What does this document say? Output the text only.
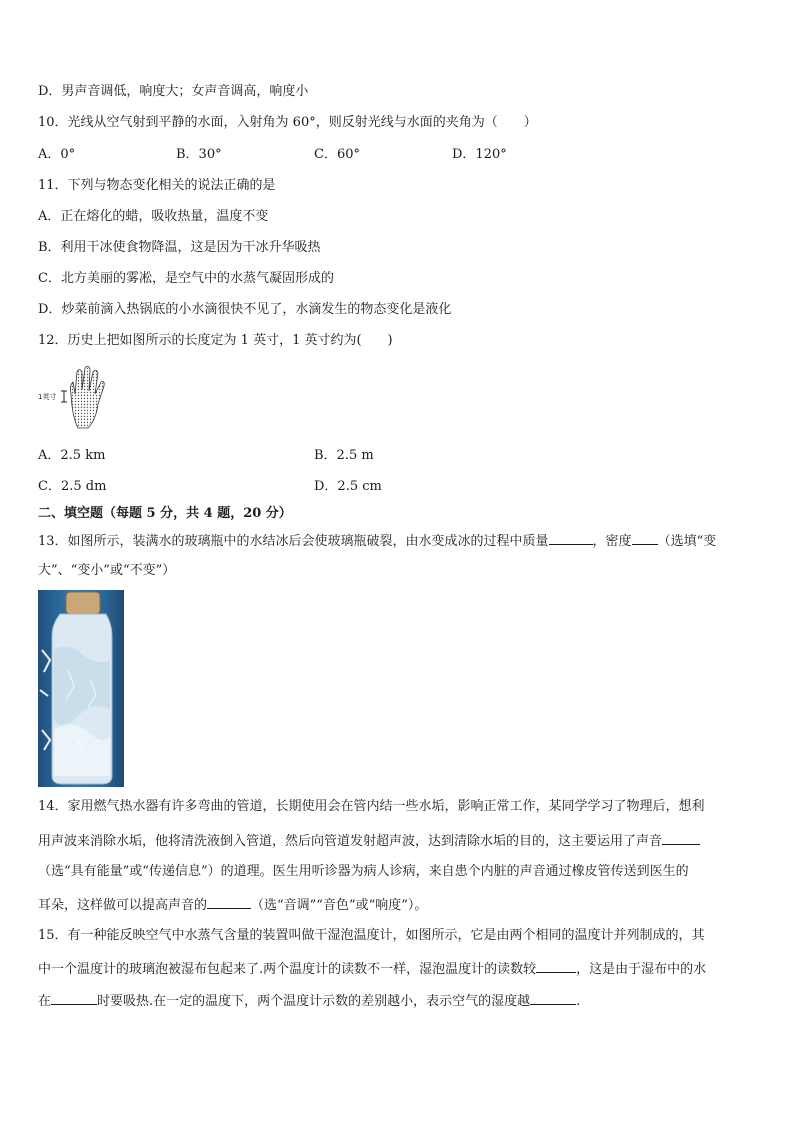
D．男声音调低，响度大；女声音调高，响度小
10．光线从空气射到平静的水面，入射角为 60°，则反射光线与水面的夹角为（　　）
A．0°	B．30°	C．60°	D．120°
11．下列与物态变化相关的说法正确的是
A．正在熔化的蜡，吸收热量，温度不变
B．利用干冰使食物降温，这是因为干冰升华吸热
C．北方美丽的雾凇，是空气中的水蒸气凝固形成的
D．炒菜前滴入热锅底的小水滴很快不见了，水滴发生的物态变化是液化
12．历史上把如图所示的长度定为 1 英寸，1 英寸约为(　　)
1英寸
A．2.5 km	B．2.5 m
C．2.5 dm	D．2.5 cm
二、填空题（每题 5 分，共 4 题，20 分）
13．如图所示，装满水的玻璃瓶中的水结冰后会使玻璃瓶破裂，由水变成冰的过程中质量	，密度 （选填“变
大”、“变小”或“不变”）
14．家用燃气热水器有许多弯曲的管道，长期使用会在管内结一些水垢，影响正常工作，某同学学习了物理后，想利
用声波来消除水垢，他将清洗液倒入管道，然后向管道发射超声波，达到清除水垢的目的，这主要运用了声音
（选“具有能量”或“传递信息”）的道理。医生用听诊器为病人诊病，来自患个内脏的声音通过橡皮管传送到医生的
耳朵，这样做可以提高声音的	（选“音调”“音色”或“响度”）。
15．有一种能反映空气中水蒸气含量的装置叫做干湿泡温度计，如图所示，它是由两个相同的温度计并列制成的，其
中一个温度计的玻璃泡被湿布包起来了.两个温度计的读数不一样，湿泡温度计的读数较	，这是由于湿布中的水
在	时要吸热.在一定的温度下，两个温度计示数的差别越小，表示空气的湿度越	.
